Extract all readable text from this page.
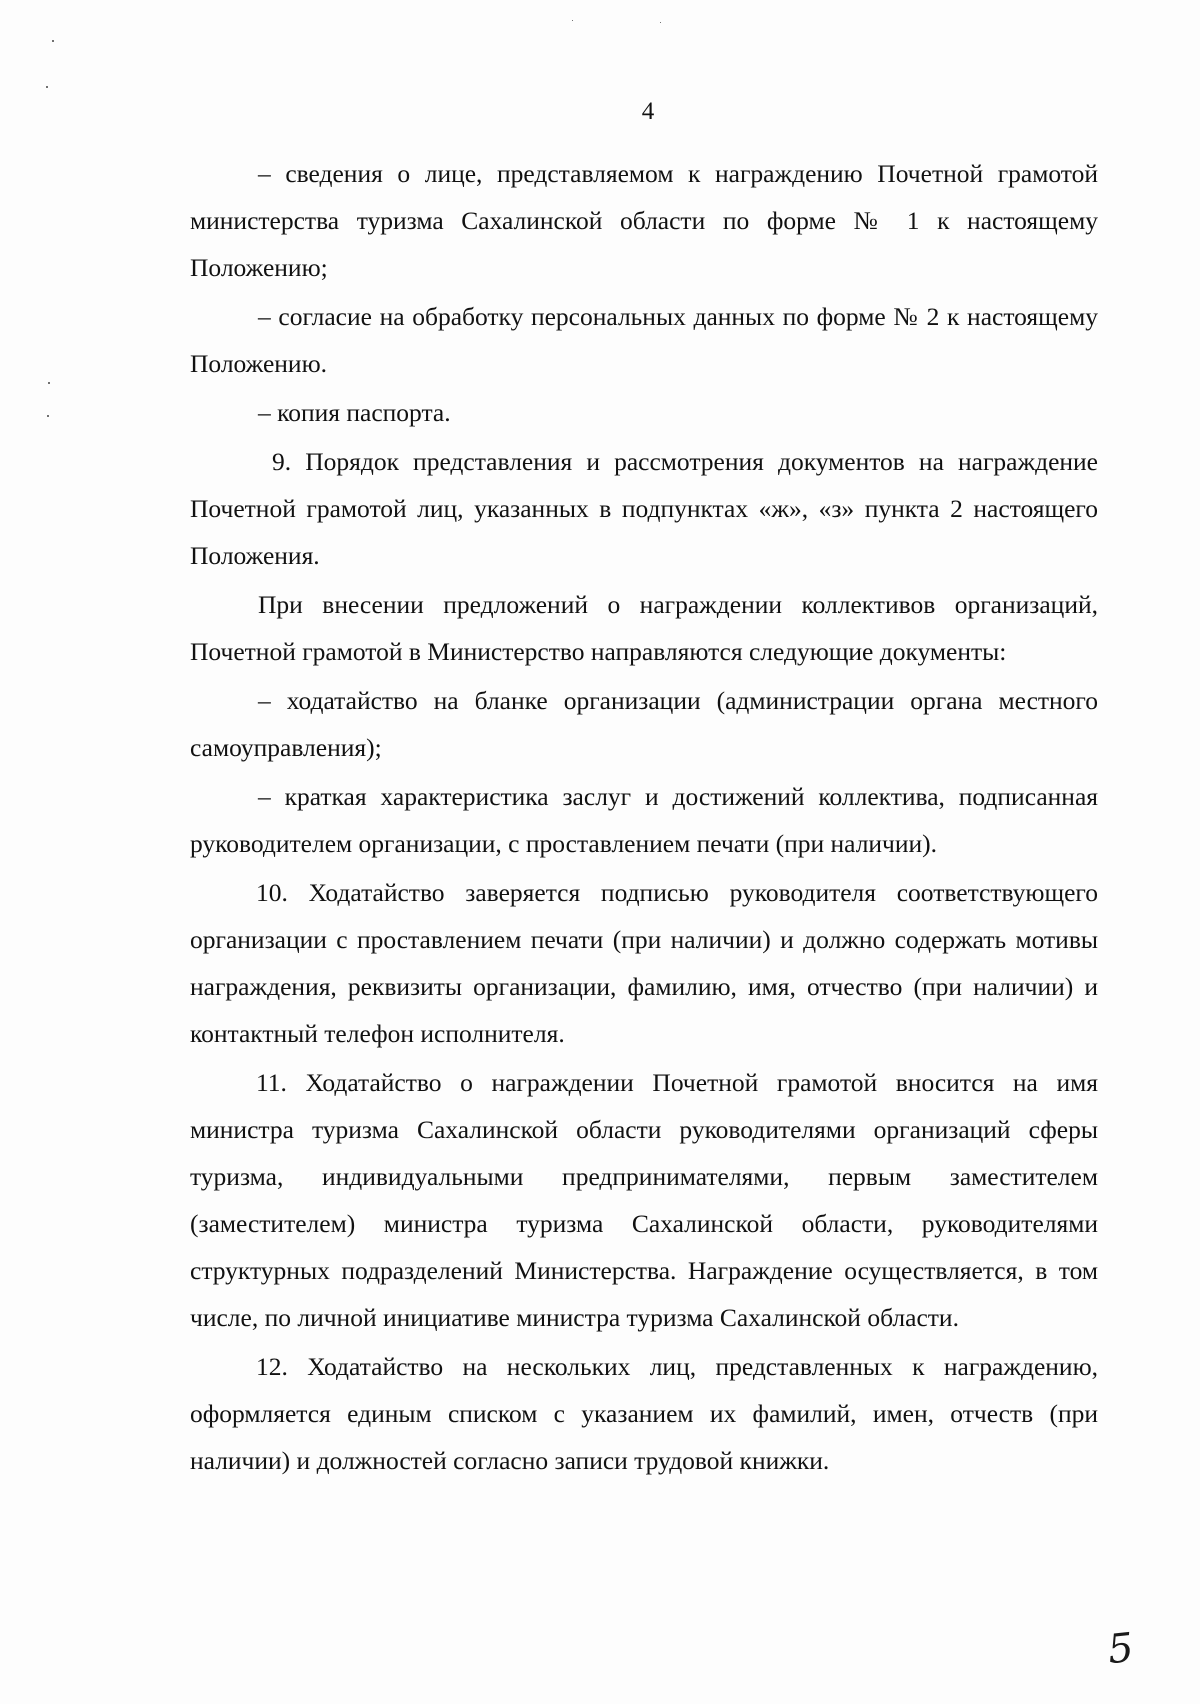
4

– сведения о лице, представляемом к награждению Почетной грамотой министерства туризма Сахалинской области по форме № 1 к настоящему Положению;

– согласие на обработку персональных данных по форме № 2 к настоящему Положению.

– копия паспорта.

9. Порядок представления и рассмотрения документов на награждение Почетной грамотой лиц, указанных в подпунктах «ж», «з» пункта 2 настоящего Положения.

При внесении предложений о награждении коллективов организаций, Почетной грамотой в Министерство направляются следующие документы:

– ходатайство на бланке организации (администрации органа местного самоуправления);

– краткая характеристика заслуг и достижений коллектива, подписанная руководителем организации, с проставлением печати (при наличии).

10. Ходатайство заверяется подписью руководителя соответствующего организации с проставлением печати (при наличии) и должно содержать мотивы награждения, реквизиты организации, фамилию, имя, отчество (при наличии) и контактный телефон исполнителя.

11. Ходатайство о награждении Почетной грамотой вносится на имя министра туризма Сахалинской области руководителями организаций сферы туризма, индивидуальными предпринимателями, первым заместителем (заместителем) министра туризма Сахалинской области, руководителями структурных подразделений Министерства. Награждение осуществляется, в том числе, по личной инициативе министра туризма Сахалинской области.

12. Ходатайство на нескольких лиц, представленных к награждению, оформляется единым списком с указанием их фамилий, имен, отчеств (при наличии) и должностей согласно записи трудовой книжки.

5
